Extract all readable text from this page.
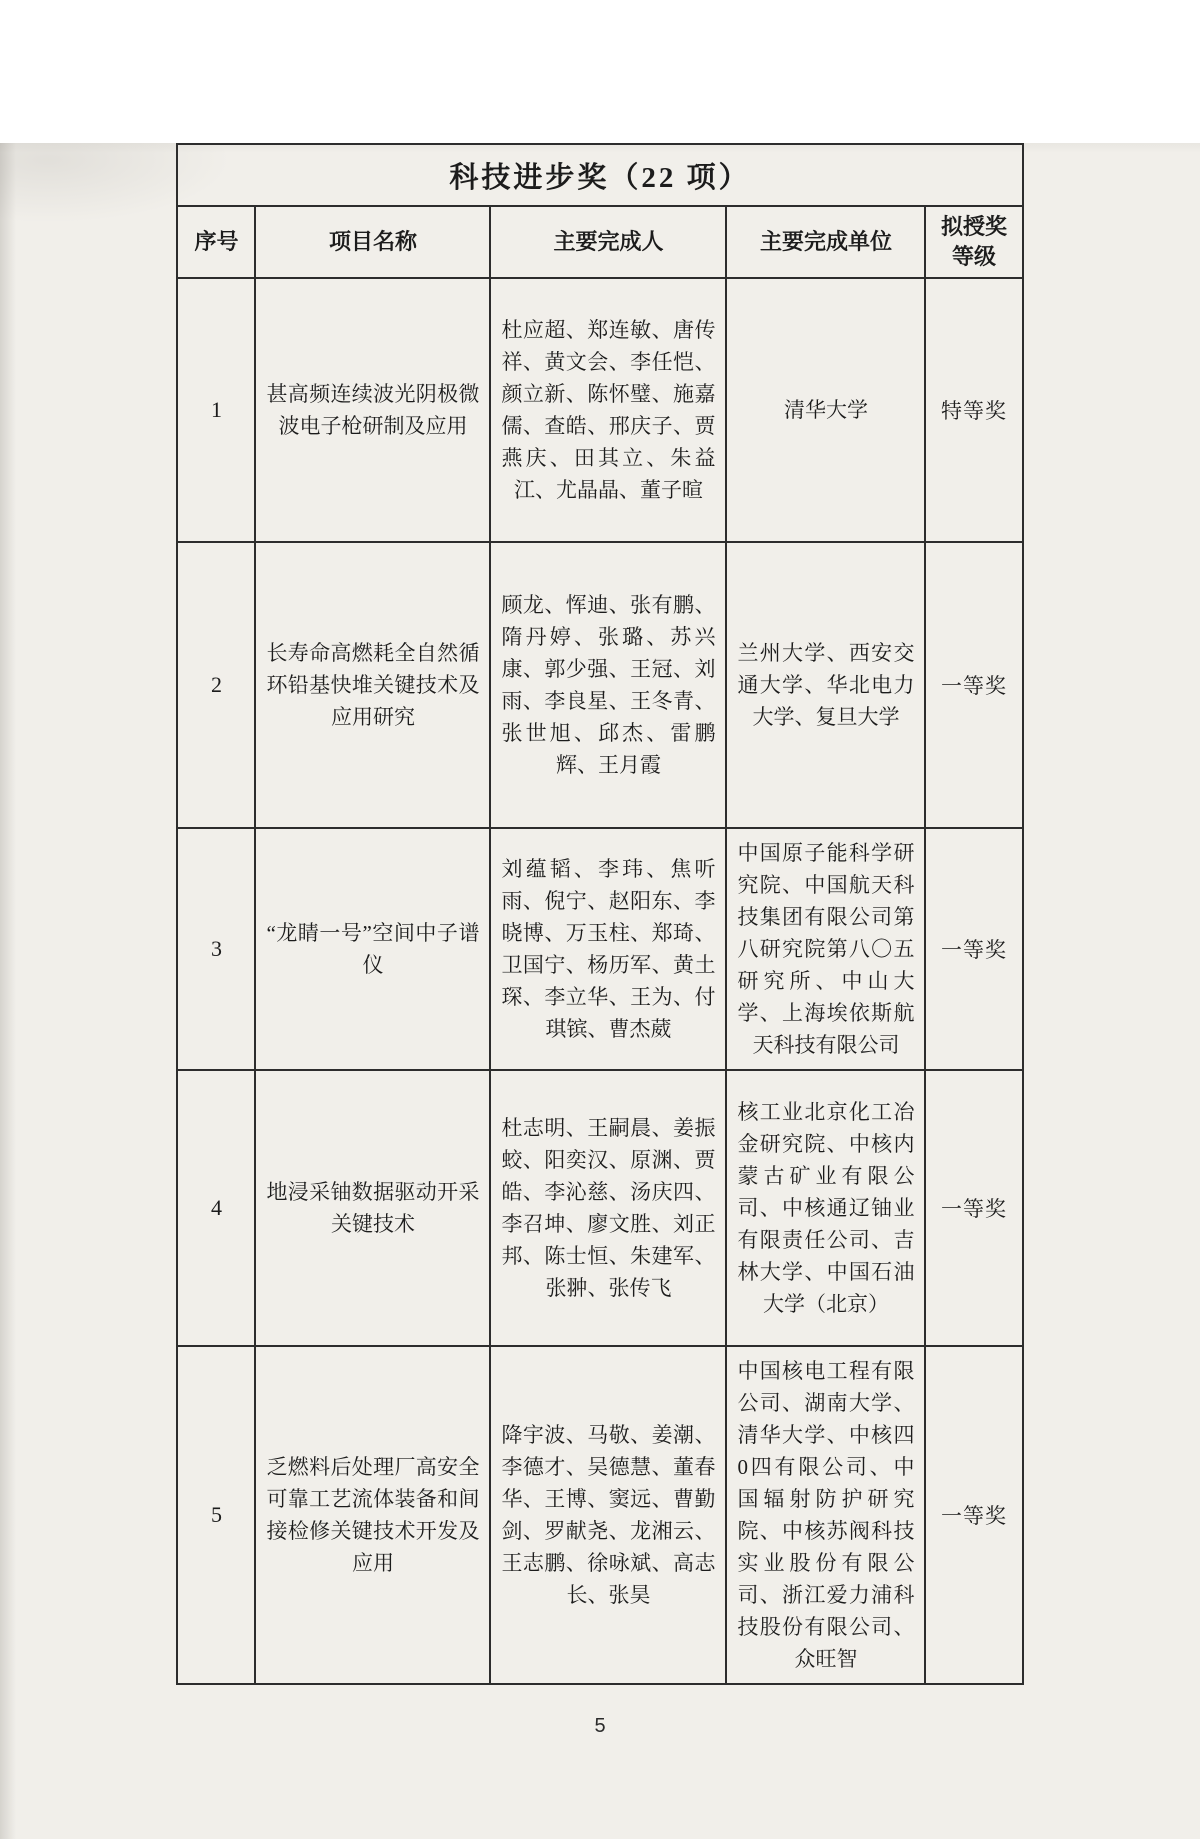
科技进步奖（22 项）				
序号	项目名称	主要完成人	主要完成单位	拟授奖等级
1	甚高频连续波光阴极微波电子枪研制及应用	杜应超、郑连敏、唐传祥、黄文会、李任恺、颜立新、陈怀璧、施嘉儒、查皓、邢庆子、贾燕庆、田其立、朱益江、尤晶晶、董子暄	清华大学	特等奖
2	长寿命高燃耗全自然循环铅基快堆关键技术及应用研究	顾龙、恽迪、张有鹏、隋丹婷、张璐、苏兴康、郭少强、王冠、刘雨、李良星、王冬青、张世旭、邱杰、雷鹏辉、王月霞	兰州大学、西安交通大学、华北电力大学、复旦大学	一等奖
3	“龙睛一号”空间中子谱仪	刘蕴韬、李玮、焦听雨、倪宁、赵阳东、李晓博、万玉柱、郑琦、卫国宁、杨历军、黄土琛、李立华、王为、付琪镔、曹杰葳	中国原子能科学研究院、中国航天科技集团有限公司第八研究院第八〇五研究所、中山大学、上海埃依斯航天科技有限公司	一等奖
4	地浸采铀数据驱动开采关键技术	杜志明、王嗣晨、姜振蛟、阳奕汉、原渊、贾皓、李沁慈、汤庆四、李召坤、廖文胜、刘正邦、陈士恒、朱建军、张翀、张传飞	核工业北京化工冶金研究院、中核内蒙古矿业有限公司、中核通辽铀业有限责任公司、吉林大学、中国石油大学（北京）	一等奖
5	乏燃料后处理厂高安全可靠工艺流体装备和间接检修关键技术开发及应用	降宇波、马敬、姜潮、李德才、吴德慧、董春华、王博、窦远、曹勤剑、罗献尧、龙湘云、王志鹏、徐咏斌、高志长、张昊	中国核电工程有限公司、湖南大学、清华大学、中核四0四有限公司、中国辐射防护研究院、中核苏阀科技实业股份有限公司、浙江爱力浦科技股份有限公司、众旺智	一等奖
5
